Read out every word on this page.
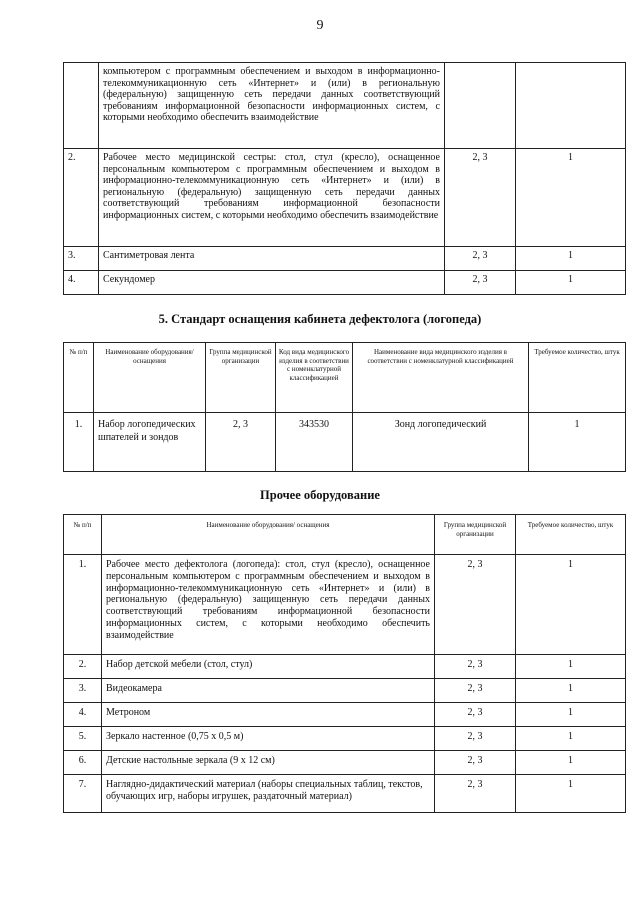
9
	компьютером с программным обеспечением и выходом в информационно-телекоммуникационную сеть «Интернет» и (или) в региональную (федеральную) защищенную сеть передачи данных соответствующий требованиям информационной безопасности информационных систем, с которыми необходимо обеспечить взаимодействие		
2.	Рабочее место медицинской сестры: стол, стул (кресло), оснащенное персональным компьютером с программным обеспечением и выходом в информационно-телекоммуникационную сеть «Интернет» и (или) в региональную (федеральную) защищенную сеть передачи данных соответствующий требованиям информационной безопасности информационных систем, с которыми необходимо обеспечить взаимодействие	2, 3	1
3.	Сантиметровая лента	2, 3	1
4.	Секундомер	2, 3	1
5. Стандарт оснащения кабинета дефектолога (логопеда)
№ п/п	Наименование оборудования/ оснащения	Группа медицинской организации	Код вида медицинского изделия в соответствии с номенклатурной классификацией	Наименование вида медицинского изделия в соответствии с номенклатурной классификацией	Требуемое количество, штук
1.	Набор логопедических шпателей и зондов	2, 3	343530	Зонд логопедический	1
Прочее оборудование
№ п/п	Наименование оборудования/ оснащения	Группа медицинской организации	Требуемое количество, штук
1.	Рабочее место дефектолога (логопеда): стол, стул (кресло), оснащенное персональным компьютером с программным обеспечением и выходом в информационно-телекоммуникационную сеть «Интернет» и (или) в региональную (федеральную) защищенную сеть передачи данных соответствующий требованиям информационной безопасности информационных систем, с которыми необходимо обеспечить взаимодействие	2, 3	1
2.	Набор детской мебели (стол, стул)	2, 3	1
3.	Видеокамера	2, 3	1
4.	Метроном	2, 3	1
5.	Зеркало настенное (0,75 х 0,5 м)	2, 3	1
6.	Детские настольные зеркала (9 х 12 см)	2, 3	1
7.	Наглядно-дидактический материал (наборы специальных таблиц, текстов, обучающих игр, наборы игрушек, раздаточный материал)	2, 3	1
